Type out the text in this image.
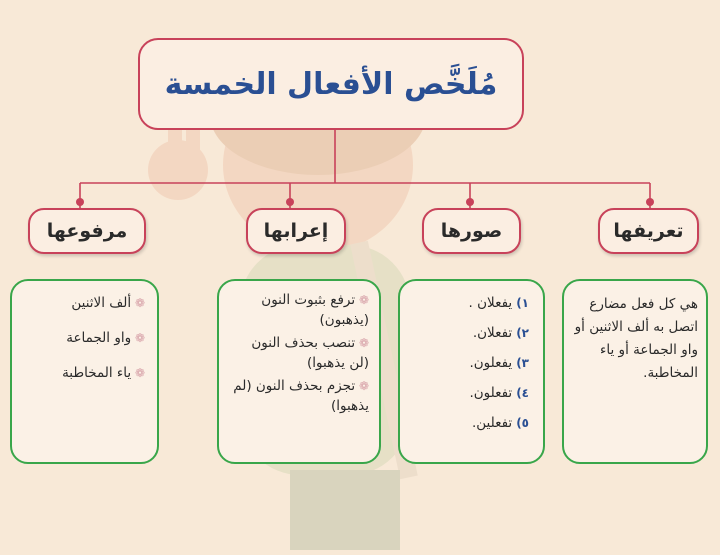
مُلَخَّص الأفعال الخمسة
تعريفها
صورها
إعرابها
مرفوعها
هي كل فعل مضارع اتصل به ألف الاثنين أو واو الجماعة أو ياء المخاطبة.
١)
يفعلان .
٢)
تفعلان.
٣)
يفعلون.
٤)
تفعلون.
٥)
تفعلين.
❁ ترفع بثبوت النون (يذهبون)
❁ تنصب بحذف النون (لن يذهبوا)
❁ تجزم بحذف النون (لم يذهبوا)
❁ ألف الاثنين
❁ واو الجماعة
❁ ياء المخاطبة
